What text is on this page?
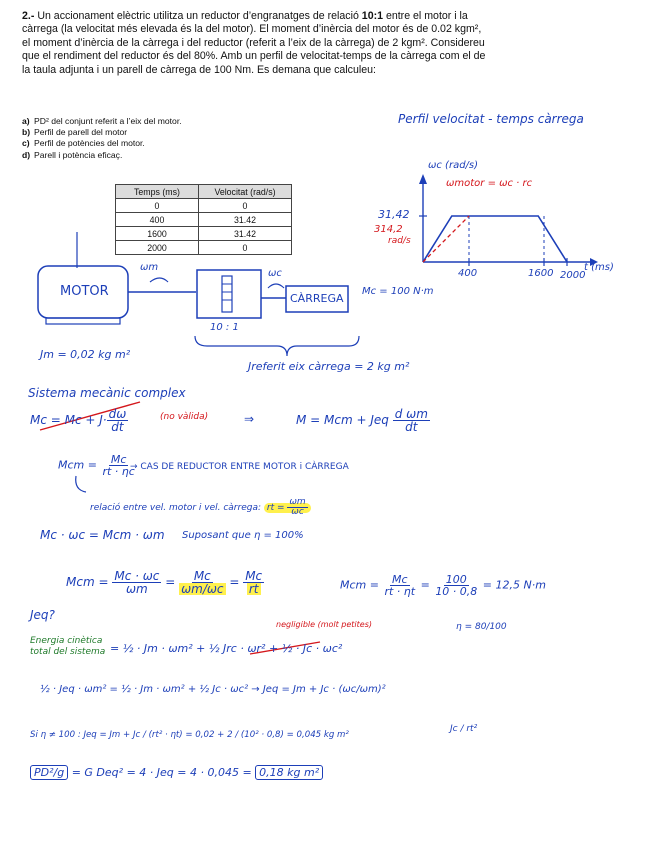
2.- Un accionament elèctric utilitza un reductor d’engranatges de relació 10:1 entre el motor i la càrrega (la velocitat més elevada és la del motor). El moment d’inèrcia del motor és de 0.02 kgm², el moment d’inèrcia de la càrrega i del reductor (referit a l’eix de la càrrega) de 2 kgm². Considereu que el rendiment del reductor és del 80%. Amb un perfil de velocitat-temps de la càrrega com el de la taula adjunta i un parell de càrrega de 100 Nm. Es demana que calculeu:
a) PD² del conjunt referit a l’eix del motor.
b) Perfil de parell del motor
c) Perfil de potències del motor.
d) Parell i potència eficaç.
Temps (ms)	Velocitat (rad/s)
0	0
400	31.42
1600	31.42
2000	0
Perfil velocitat - temps càrrega
ωc (rad/s)
ωmotor = ωc · rc
31,42
314,2
rad/s
400	1600 2000
t (ms)
MOTOR	CÀRREGA
ωm
ωc
10 : 1
Mc = 100 N·m
Jm = 0,02 kg m²
Jreferit eix càrrega = 2 kg m²
Sistema mecànic complex
$Mc = Mc + J\cdot \frac{d\omega}{dt}$	(no vàlida)	⇒	M = Mcm + Jeq $\frac{\text{d ωm}}{dt}$
Mcm = $\frac{Mc}{rt \cdot \eta c}$
→ CAS DE REDUCTOR ENTRE MOTOR i CÀRREGA
relació entre vel. motor i vel. càrrega: rt = $\frac{\omega m}{\omega c}$
Mc · ωc = Mcm · ωm Suposant que η = 100%
Mcm = $\frac{Mc \cdot \omega c}{\omega m} = \frac{Mc}{\omega m/\omega c} = \frac{Mc}{rt}$	Mcm = $\frac{Mc}{rt \cdot \eta t} = \frac{100}{10 \cdot 0,8} = 12,5$ N·m
η = 80/100
Jeq?
Energia cinètica
total del sistema = ½ · Jm · ωm² + ½ Jrc · ωr² + ½ · Jc · ωc²
negligible (molt petites)
½ · Jeq · ωm² = ½ · Jm · ωm² + ½ Jc · ωc² → Jeq = Jm + Jc · (ωc/ωm)²
Jc / rt²
Si η ≠ 100 : Jeq = Jm + Jc / (rt² · ηt) = 0,02 + 2 / (10² · 0,8) = 0,045 kg m²
PD²/g = G Deq² = 4 · Jeq = 4 · 0,045 = 0,18 kg m²
